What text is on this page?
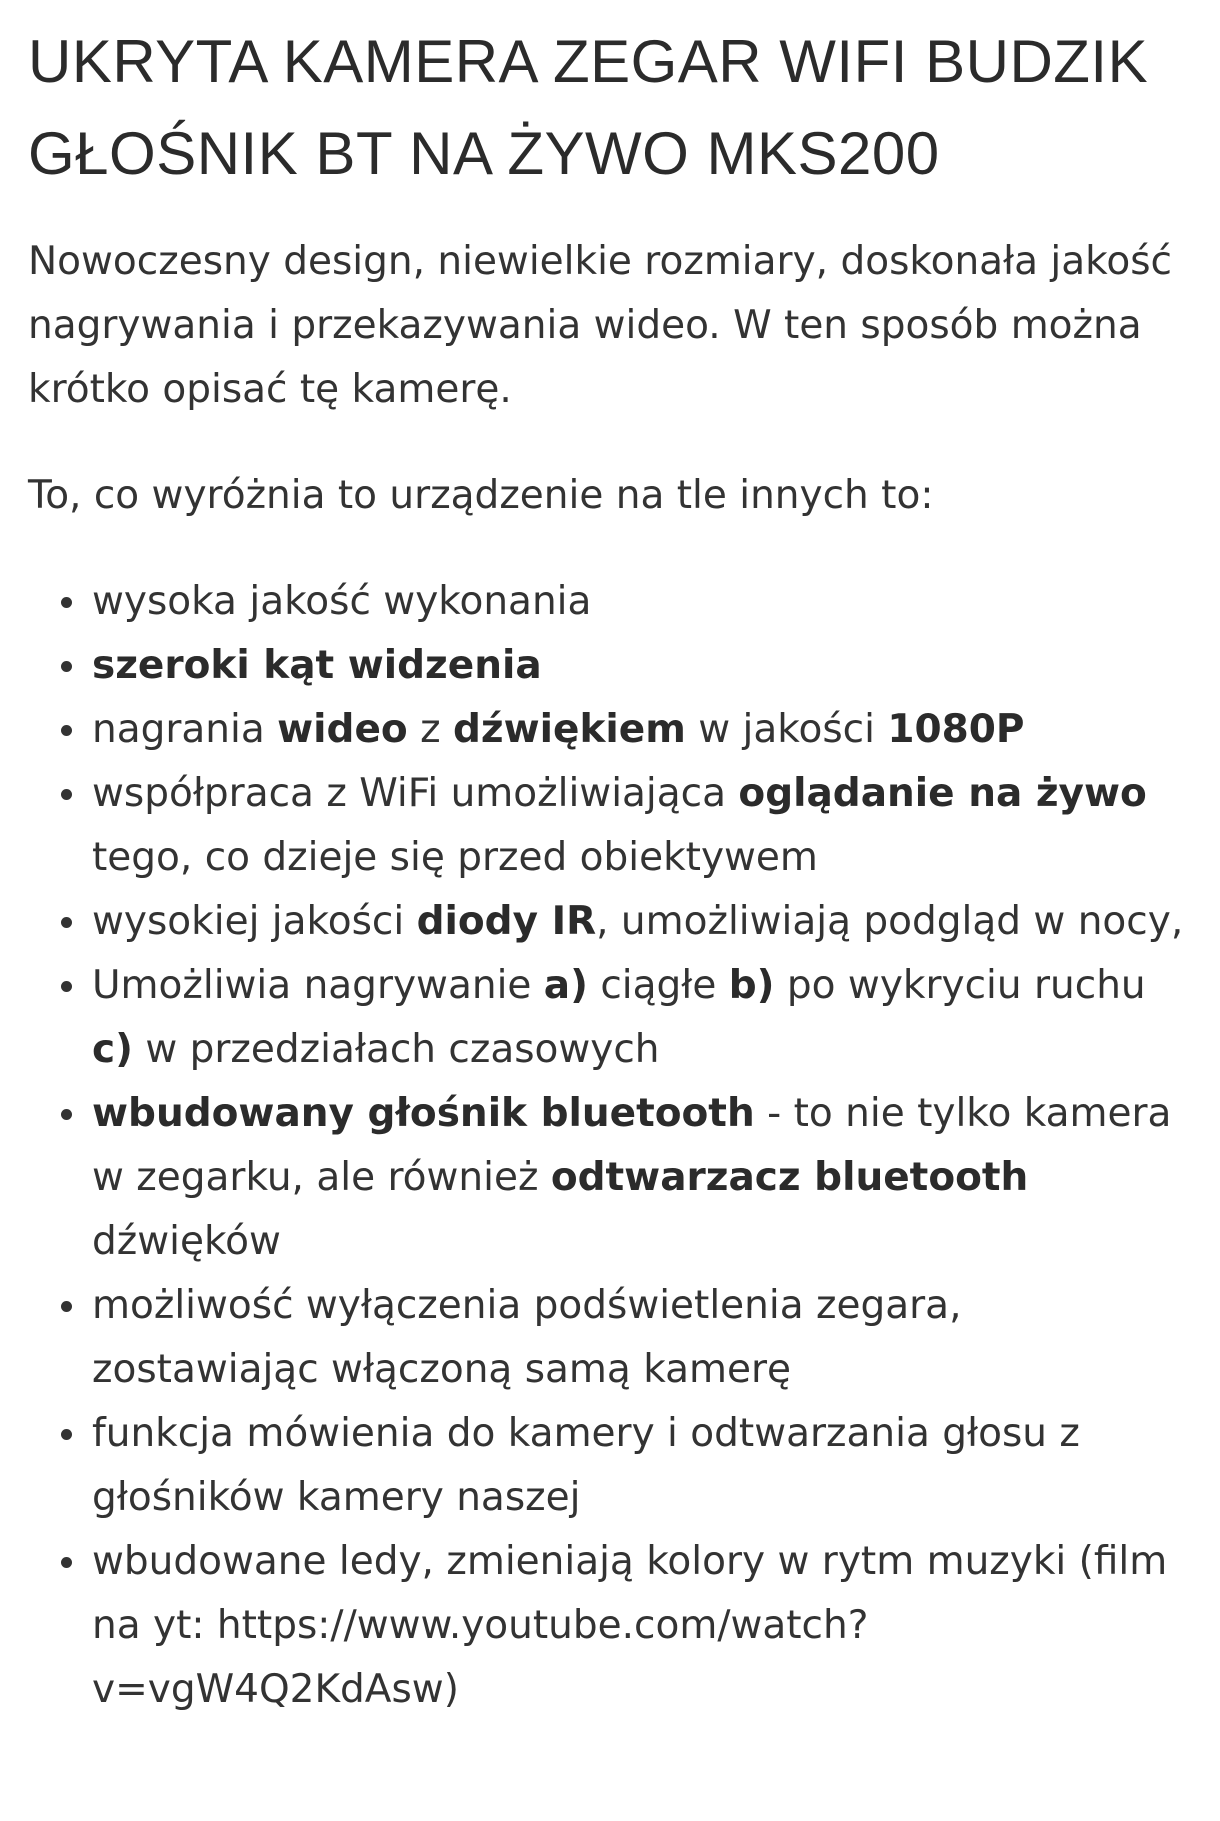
UKRYTA KAMERA ZEGAR WIFI BUDZIK GŁOŚNIK BT NA ŻYWO MKS200

Nowoczesny design, niewielkie rozmiary, doskonała jakość nagrywania i przekazywania wideo. W ten sposób można krótko opisać tę kamerę.

To, co wyróżnia to urządzenie na tle innych to:

wysoka jakość wykonania
szeroki kąt widzenia
nagrania wideo z dźwiękiem w jakości 1080P
współpraca z WiFi umożliwiająca oglądanie na żywo tego, co dzieje się przed obiektywem
wysokiej jakości diody IR, umożliwiają podgląd w nocy,
Umożliwia nagrywanie a) ciągłe b) po wykryciu ruchu c) w przedziałach czasowych
wbudowany głośnik bluetooth - to nie tylko kamera w zegarku, ale również odtwarzacz bluetooth dźwięków
możliwość wyłączenia podświetlenia zegara, zostawiając włączoną samą kamerę
funkcja mówienia do kamery i odtwarzania głosu z głośników kamery naszej
wbudowane ledy, zmieniają kolory w rytm muzyki (film na yt: https://www.youtube.com/watch?v=vgW4Q2KdAsw)
